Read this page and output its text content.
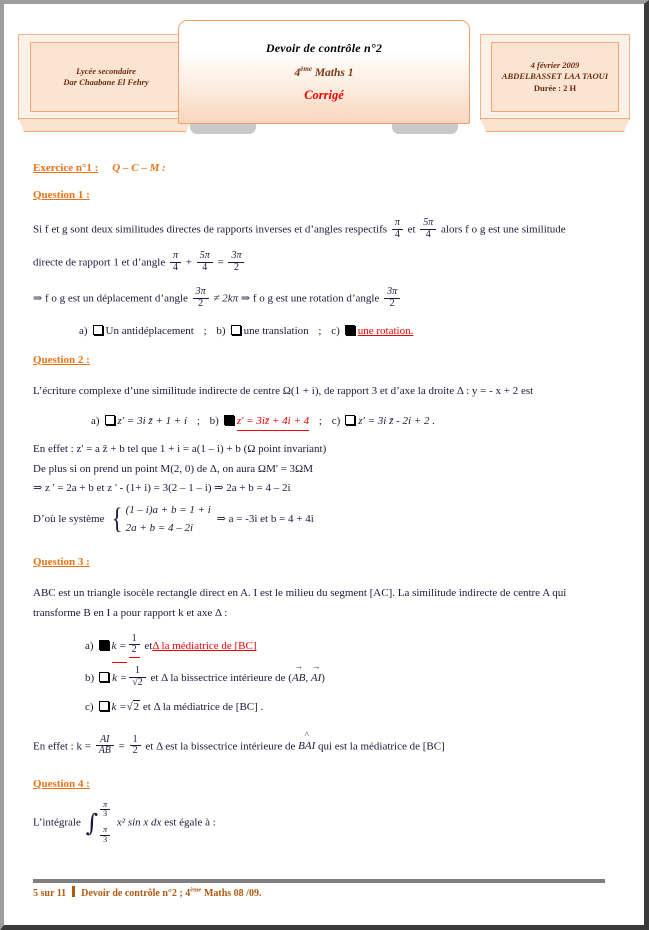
Lycée secondaire
Dar Chaabane El Fehry
4 février 2009
ABDELBASSET LAA TAOUI
Durée : 2 H
Devoir de contrôle n°2
4ème Maths 1
Corrigé
Exercice n°1 : Q – C – M :
Question 1 :
Si f et g sont deux similitudes directes de rapports inverses et d’angles respectifs $\frac{\pi}{4}$ et $\frac{5\pi}{4}$ alors f o g est une similitude
directe de rapport 1 et d’angle $\frac{\pi}{4} + \frac{5\pi}{4} = \frac{3\pi}{2}$
⇒ f o g est un déplacement d’angle $\frac{3\pi}{2} \ne 2k\pi$ ⇒ f o g est une rotation d’angle $\frac{3\pi}{2}$
a) Un antidéplacement ; b) une translation ; c) une rotation.
Question 2 :
L’écriture complexe d’une similitude indirecte de centre Ω(1 + i), de rapport 3 et d’axe la droite Δ : y = - x + 2 est
a) z' = 3i z̄ + 1 + i ; b) z' = 3iz̄ + 4i + 4 ; c) z' = 3i z̄ - 2i + 2 .
En effet : z' = a z̄ + b tel que 1 + i = a(1 – i) + b (Ω point invariant)
De plus si on prend un point M(2, 0) de Δ, on aura ΩM' = 3ΩM
⇒ z ' = 2a + b et z ' - (1+ i) = 3(2 – 1 – i) ⇒ 2a + b = 4 – 2i
D’où le système { (1 – i)a + b = 1 + i
2a + b = 4 – 2i
⇒ a = -3i et b = 4 + 4i
Question 3 :
ABC est un triangle isocèle rectangle direct en A. I est le milieu du segment [AC]. La similitude indirecte de centre A qui
transforme B en I a pour rapport k et axe Δ :
a) $k = \frac{1}{2}$ etΔ la médiatrice de [BC]
b) $k = \frac{1}{√2}$ et Δ la bissectrice intérieure de (AB →, AI →)
c) k =√2 et Δ la médiatrice de [BC] .
En effet : $k = \frac{AI}{AB} = \frac{1}{2}$ et Δ est la bissectrice intérieure de BAI ^ qui est la médiatrice de [BC]
Question 4 :
L’intégrale ∫ $\frac{\pi}{3}$
$\frac{\pi}{3}$
x² sin x dx est égale à :
5 sur 11 Devoir de contrôle n°2 ; 4ème Maths 08 /09.
